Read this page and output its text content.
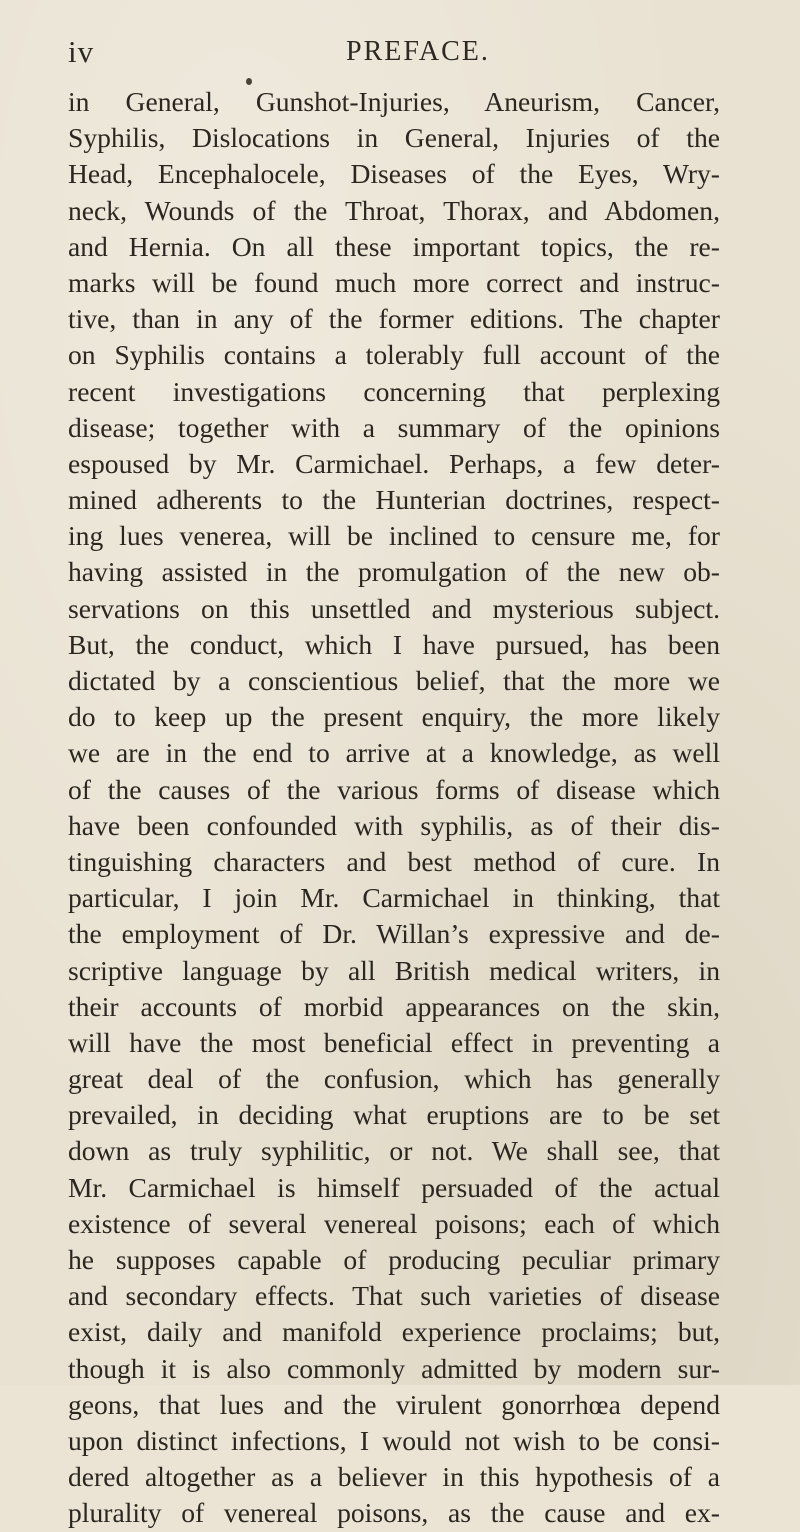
iv	PREFACE.
in General, Gunshot-Injuries, Aneurism, Cancer,
Syphilis, Dislocations in General, Injuries of the
Head, Encephalocele, Diseases of the Eyes, Wry-
neck, Wounds of the Throat, Thorax, and Abdomen,
and Hernia. On all these important topics, the re-
marks will be found much more correct and instruc-
tive, than in any of the former editions. The chapter
on Syphilis contains a tolerably full account of the
recent investigations concerning that perplexing
disease; together with a summary of the opinions
espoused by Mr. Carmichael. Perhaps, a few deter-
mined adherents to the Hunterian doctrines, respect-
ing lues venerea, will be inclined to censure me, for
having assisted in the promulgation of the new ob-
servations on this unsettled and mysterious subject.
But, the conduct, which I have pursued, has been
dictated by a conscientious belief, that the more we
do to keep up the present enquiry, the more likely
we are in the end to arrive at a knowledge, as well
of the causes of the various forms of disease which
have been confounded with syphilis, as of their dis-
tinguishing characters and best method of cure. In
particular, I join Mr. Carmichael in thinking, that
the employment of Dr. Willan’s expressive and de-
scriptive language by all British medical writers, in
their accounts of morbid appearances on the skin,
will have the most beneficial effect in preventing a
great deal of the confusion, which has generally
prevailed, in deciding what eruptions are to be set
down as truly syphilitic, or not. We shall see, that
Mr. Carmichael is himself persuaded of the actual
existence of several venereal poisons; each of which
he supposes capable of producing peculiar primary
and secondary effects. That such varieties of disease
exist, daily and manifold experience proclaims; but,
though it is also commonly admitted by modern sur-
geons, that lues and the virulent gonorrhœa depend
upon distinct infections, I would not wish to be consi-
dered altogether as a believer in this hypothesis of a
plurality of venereal poisons, as the cause and ex-
